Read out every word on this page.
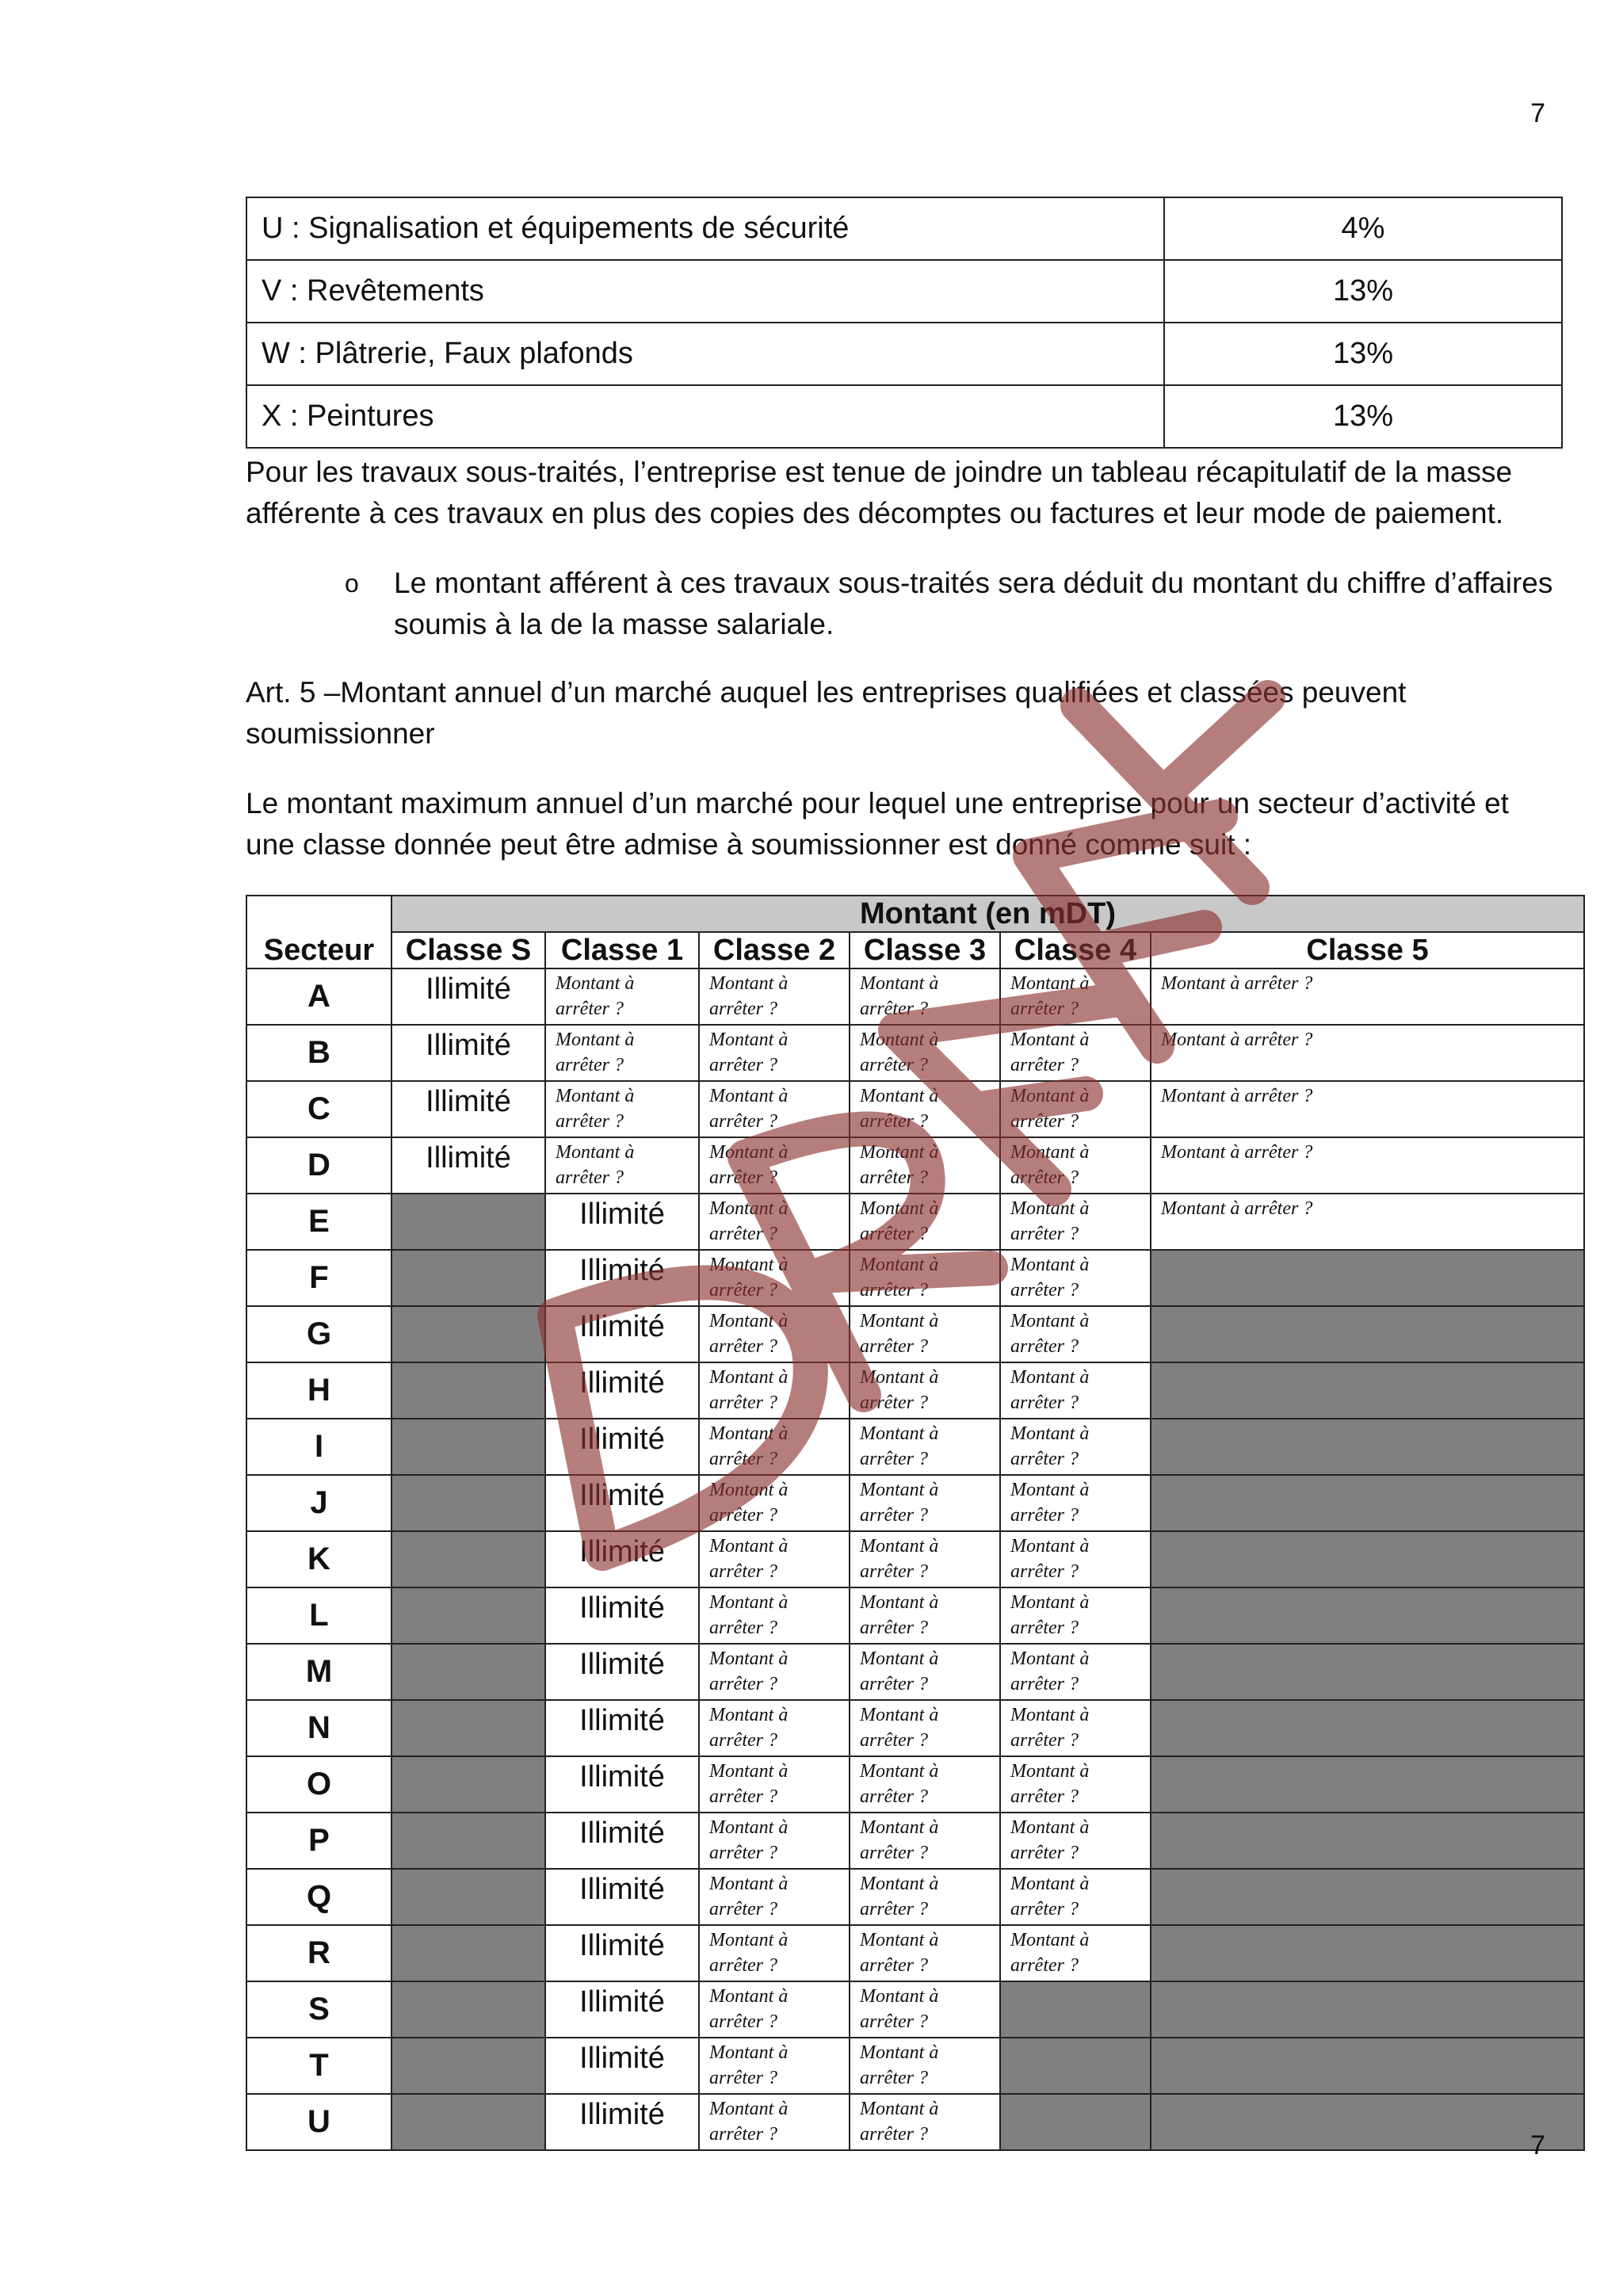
7
U : Signalisation et équipements de sécurité	4%
V : Revêtements	13%
W : Plâtrerie, Faux plafonds	13%
X : Peintures	13%
Pour les travaux sous-traités, l’entreprise est tenue de joindre un tableau récapitulatif de la masse afférente à ces travaux en plus des copies des décomptes ou factures et leur mode de paiement.
o Le montant afférent à ces travaux sous-traités sera déduit du montant du chiffre d’affaires soumis à la de la masse salariale.
Art. 5 –Montant annuel d’un marché auquel les entreprises qualifiées et classées peuvent soumissionner
Le montant maximum annuel d’un marché pour lequel une entreprise pour un secteur d’activité et une classe donnée peut être admise à soumissionner est donné comme suit :
Secteur	Montant (en mDT)					
	Classe S	Classe 1	Classe 2	Classe 3	Classe 4	Classe 5
A	Illimité	Montant à arrêter ?	Montant à arrêter ?	Montant à arrêter ?	Montant à arrêter ?	Montant à arrêter ?
B	Illimité	Montant à arrêter ?	Montant à arrêter ?	Montant à arrêter ?	Montant à arrêter ?	Montant à arrêter ?
C	Illimité	Montant à arrêter ?	Montant à arrêter ?	Montant à arrêter ?	Montant à arrêter ?	Montant à arrêter ?
D	Illimité	Montant à arrêter ?	Montant à arrêter ?	Montant à arrêter ?	Montant à arrêter ?	Montant à arrêter ?
E		Illimité	Montant à arrêter ?	Montant à arrêter ?	Montant à arrêter ?	Montant à arrêter ?
F		Illimité	Montant à arrêter ?	Montant à arrêter ?	Montant à arrêter ?	
G		Illimité	Montant à arrêter ?	Montant à arrêter ?	Montant à arrêter ?	
H		Illimité	Montant à arrêter ?	Montant à arrêter ?	Montant à arrêter ?	
I		Illimité	Montant à arrêter ?	Montant à arrêter ?	Montant à arrêter ?	
J		Illimité	Montant à arrêter ?	Montant à arrêter ?	Montant à arrêter ?	
K		Illimité	Montant à arrêter ?	Montant à arrêter ?	Montant à arrêter ?	
L		Illimité	Montant à arrêter ?	Montant à arrêter ?	Montant à arrêter ?	
M		Illimité	Montant à arrêter ?	Montant à arrêter ?	Montant à arrêter ?	
N		Illimité	Montant à arrêter ?	Montant à arrêter ?	Montant à arrêter ?	
O		Illimité	Montant à arrêter ?	Montant à arrêter ?	Montant à arrêter ?	
P		Illimité	Montant à arrêter ?	Montant à arrêter ?	Montant à arrêter ?	
Q		Illimité	Montant à arrêter ?	Montant à arrêter ?	Montant à arrêter ?	
R		Illimité	Montant à arrêter ?	Montant à arrêter ?	Montant à arrêter ?	
S		Illimité	Montant à arrêter ?	Montant à arrêter ?		
T		Illimité	Montant à arrêter ?	Montant à arrêter ?		
U		Illimité	Montant à arrêter ?	Montant à arrêter ?			7
